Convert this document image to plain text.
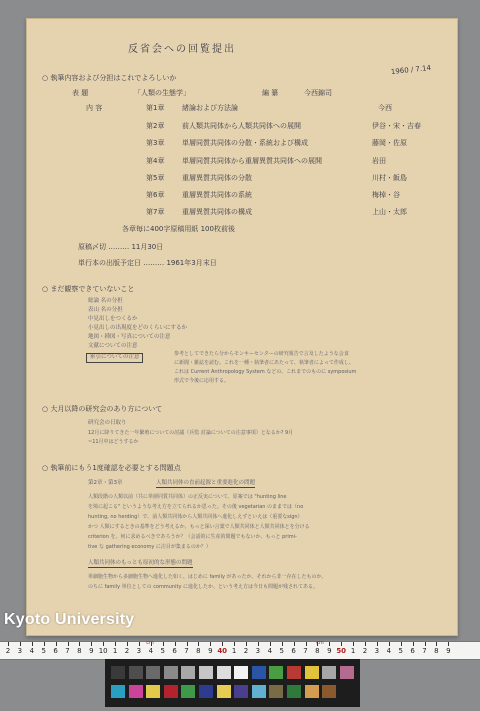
反省会への回覧提出
1960 / 7.14
○ 執筆内容および分担はこれでよろしいか
表 題	「人類の生態学」	編 纂	今西錦司
内 容	第1章	緒論および方法論	今西
第2章	前人類共同体から人類共同体への展開	伊谷・宋・吉春
第3章	単層同質共同体の分散・系統および構成	藤岡・佐原
第4章	単層同質共同体から重層異質共同体への展開	岩田
第5章	重層異質共同体の分散	川村・飯島
第6章	重層異質共同体の系統	梅棹・谷
第7章	重層異質共同体の構成	上山・太郎
各章毎に400字原稿用紙 100枚前後
原稿〆切 ……… 11月30日
単行本の出版予定日 ……… 1961年3月末日
○ まだ観察できていないこと
総論 名の分担
表山 名の分担
中見出しをつくるか
小見出しの出現度をどのくらいにするか
地図・挿図・写真についての注意
文献についての注意
索引についての注意	参考としてできたら分からモンキーセンターの研究報告で言及したような会食
に新聞・雑誌を読む。これを一種・執筆者にあたって、執筆者によって作成し、
これは Current Anthropology System などの、これまでのものに symposium
形式で今後に応用する。
○ 大月以降の研究会のあり方について
研究会の日取り
12月に降りてきた一年繁殖についての討議（兵監 討論についての注意事項）となるか? 9月
~11月中はどうするか
○ 執筆前にもう1度確認を必要とする問題点
第2章・第3章	人類共同体の直前起源と重要進化の問題
人類段階の人類以前（共に単層同質共同体）の正反実について、原案では "hunting line
を境に起こる" というような考え方を立てられるか思った。その後 vegetarian のままでは（no
hunting, no herding）で、前人類共同体から人類共同体へ進化しえずといえは（重要なsign）
かつ 人類にするときの基準をどう考えるか、もっと深い言葉で人類共同体と人類共同体とを分ける
criterion を、何に求めるべきであろうか？（会話的に生産的問題でもないか、もっと primi-
tive な gathering economy に注目が集まるのか？）
人類共同体のもっとも原初的な形態の問題
単細胞生物から多細胞生物へ進化した如く、はじめに family があったか、それから非一存在したものか、
のちに family 単位としての community に進化したか、という考え方は今日も問題が残されてある。
Kyoto University
2 3 4 5 6 7 8 9 10 1 2 3 4 5 6 7 8 9 40 1 2 3 4 5 6 7 8 9 50 1 2 3 4 5 6 7 8 9
cm	cm
